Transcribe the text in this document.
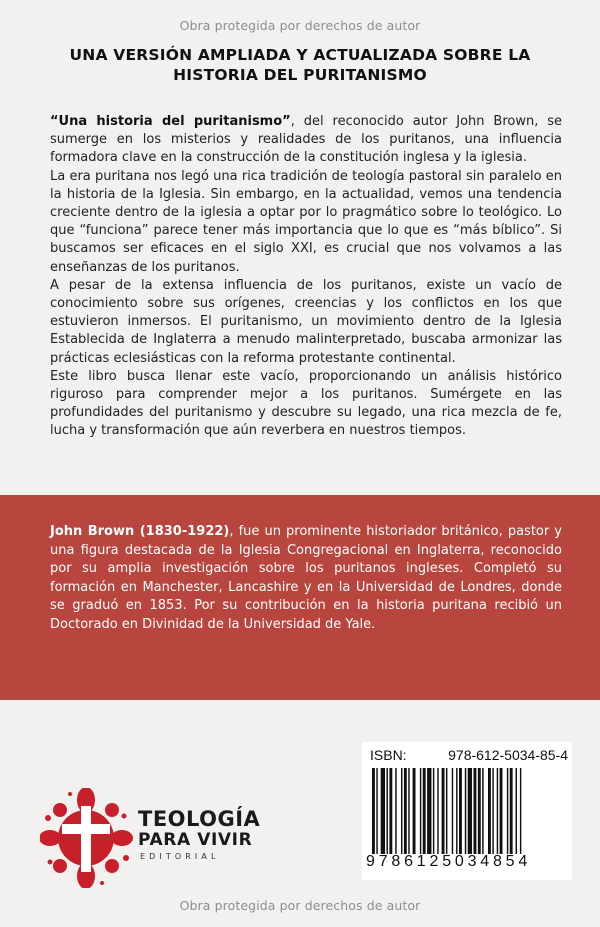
Obra protegida por derechos de autor
UNA VERSIÓN AMPLIADA Y ACTUALIZADA SOBRE LA
HISTORIA DEL PURITANISMO

“Una historia del puritanismo”, del reconocido autor John Brown, se sumerge en los misterios y realidades de los puritanos, una influencia formadora clave en la construcción de la constitución inglesa y la iglesia.

La era puritana nos legó una rica tradición de teología pastoral sin paralelo en la historia de la Iglesia. Sin embargo, en la actualidad, vemos una tendencia creciente dentro de la iglesia a optar por lo pragmático sobre lo teológico. Lo que “funciona” parece tener más importancia que lo que es “más bíblico”. Si buscamos ser eficaces en el siglo XXI, es crucial que nos volvamos a las enseñanzas de los puritanos.

A pesar de la extensa influencia de los puritanos, existe un vacío de conocimiento sobre sus orígenes, creencias y los conflictos en los que estuvieron inmersos. El puritanismo, un movimiento dentro de la Iglesia Establecida de Inglaterra a menudo malinterpretado, buscaba armonizar las prácticas eclesiásticas con la reforma protestante continental.

Este libro busca llenar este vacío, proporcionando un análisis histórico riguroso para comprender mejor a los puritanos. Sumérgete en las profundidades del puritanismo y descubre su legado, una rica mezcla de fe, lucha y transformación que aún reverbera en nuestros tiempos.

John Brown (1830-1922), fue un prominente historiador británico, pastor y una figura destacada de la Iglesia Congregacional en Inglaterra, reconocido por su amplia investigación sobre los puritanos ingleses. Completó su formación en Manchester, Lancashire y en la Universidad de Londres, donde se graduó en 1853. Por su contribución en la historia puritana recibió un Doctorado en Divinidad de la Universidad de Yale.
TEOLOGÍA
PARA VIVIR
EDITORIAL
ISBN:	978-612-5034-85-4
9786125034854
Obra protegida por derechos de autor
